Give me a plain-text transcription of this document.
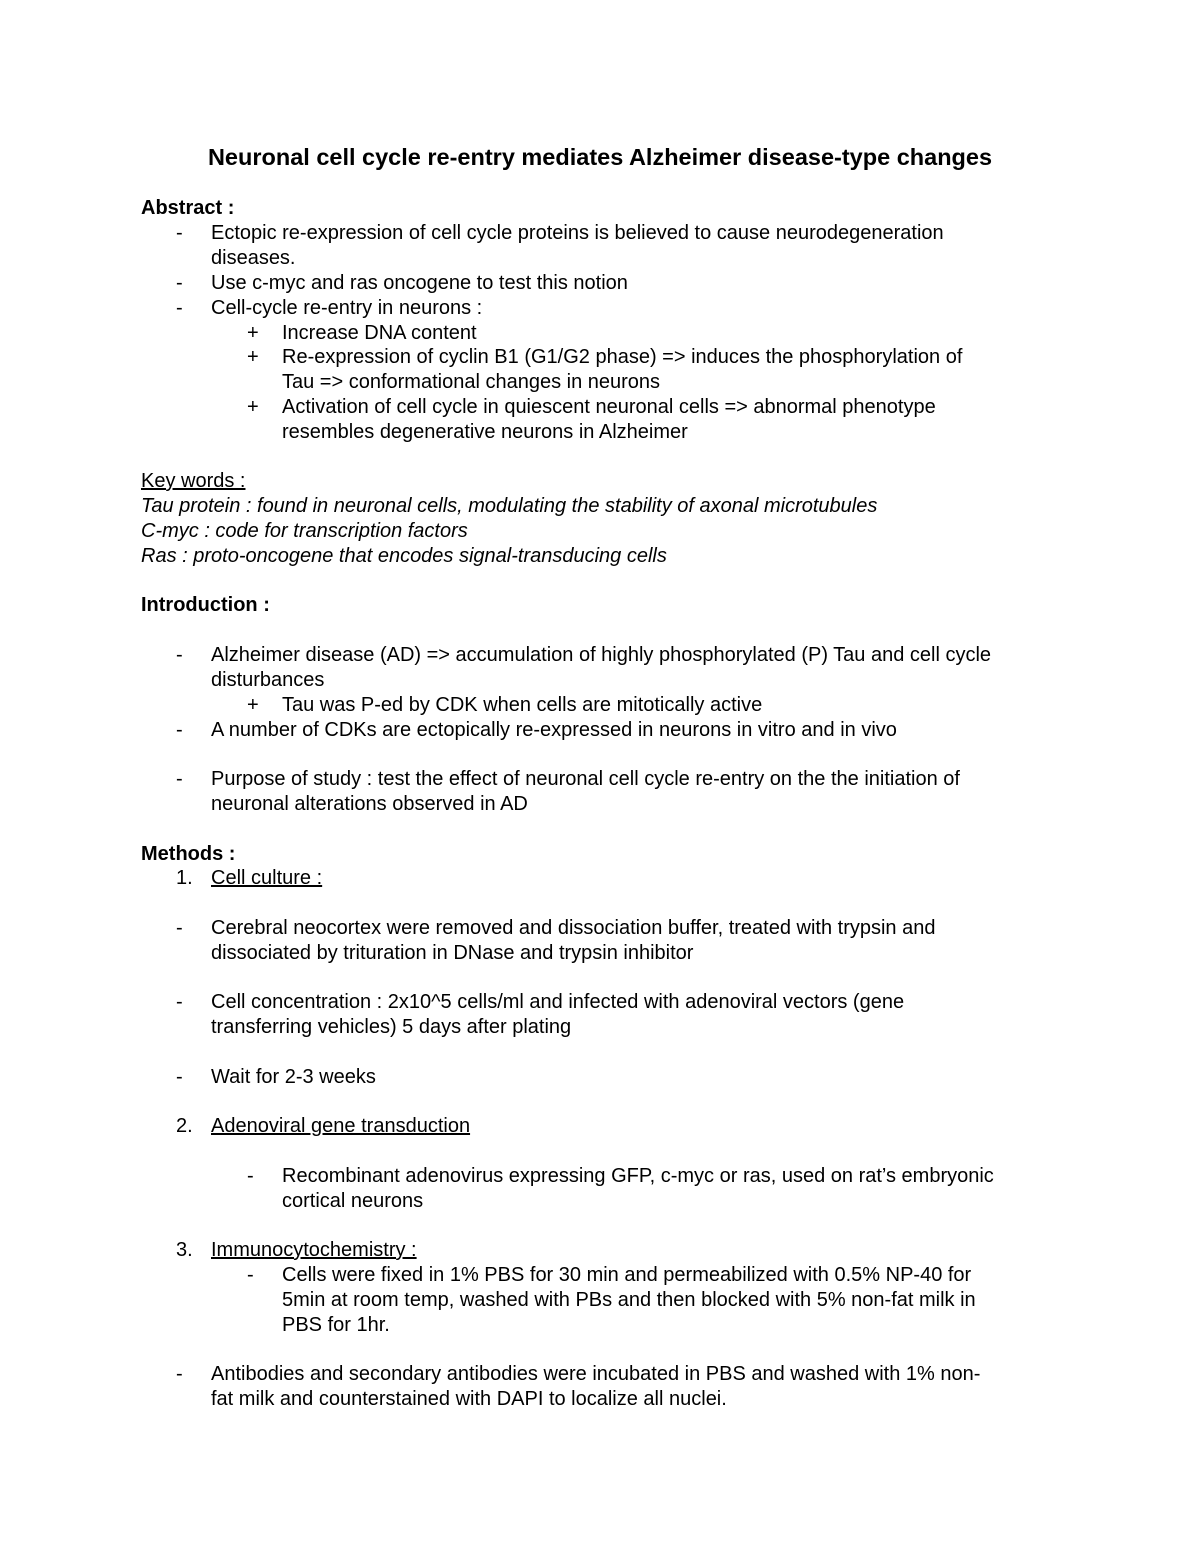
Neuronal cell cycle re-entry mediates Alzheimer disease-type changes
Abstract :
- Ectopic re-expression of cell cycle proteins is believed to cause neurodegeneration
diseases.
- Use c-myc and ras oncogene to test this notion
- Cell-cycle re-entry in neurons :
+ Increase DNA content
+ Re-expression of cyclin B1 (G1/G2 phase) => induces the phosphorylation of
Tau => conformational changes in neurons
+ Activation of cell cycle in quiescent neuronal cells => abnormal phenotype
resembles degenerative neurons in Alzheimer
Key words :
Tau protein : found in neuronal cells, modulating the stability of axonal microtubules
C-myc : code for transcription factors
Ras : proto-oncogene that encodes signal-transducing cells
Introduction :
- Alzheimer disease (AD) => accumulation of highly phosphorylated (P) Tau and cell cycle
disturbances
+ Tau was P-ed by CDK when cells are mitotically active
- A number of CDKs are ectopically re-expressed in neurons in vitro and in vivo
- Purpose of study : test the effect of neuronal cell cycle re-entry on the the initiation of
neuronal alterations observed in AD
Methods :
1. Cell culture :
- Cerebral neocortex were removed and dissociation buffer, treated with trypsin and
dissociated by trituration in DNase and trypsin inhibitor
- Cell concentration : 2x10^5 cells/ml and infected with adenoviral vectors (gene
transferring vehicles) 5 days after plating
- Wait for 2-3 weeks
2. Adenoviral gene transduction
- Recombinant adenovirus expressing GFP, c-myc or ras, used on rat’s embryonic
cortical neurons
3. Immunocytochemistry :
- Cells were fixed in 1% PBS for 30 min and permeabilized with 0.5% NP-40 for
5min at room temp, washed with PBs and then blocked with 5% non-fat milk in
PBS for 1hr.
- Antibodies and secondary antibodies were incubated in PBS and washed with 1% non-
fat milk and counterstained with DAPI to localize all nuclei.
